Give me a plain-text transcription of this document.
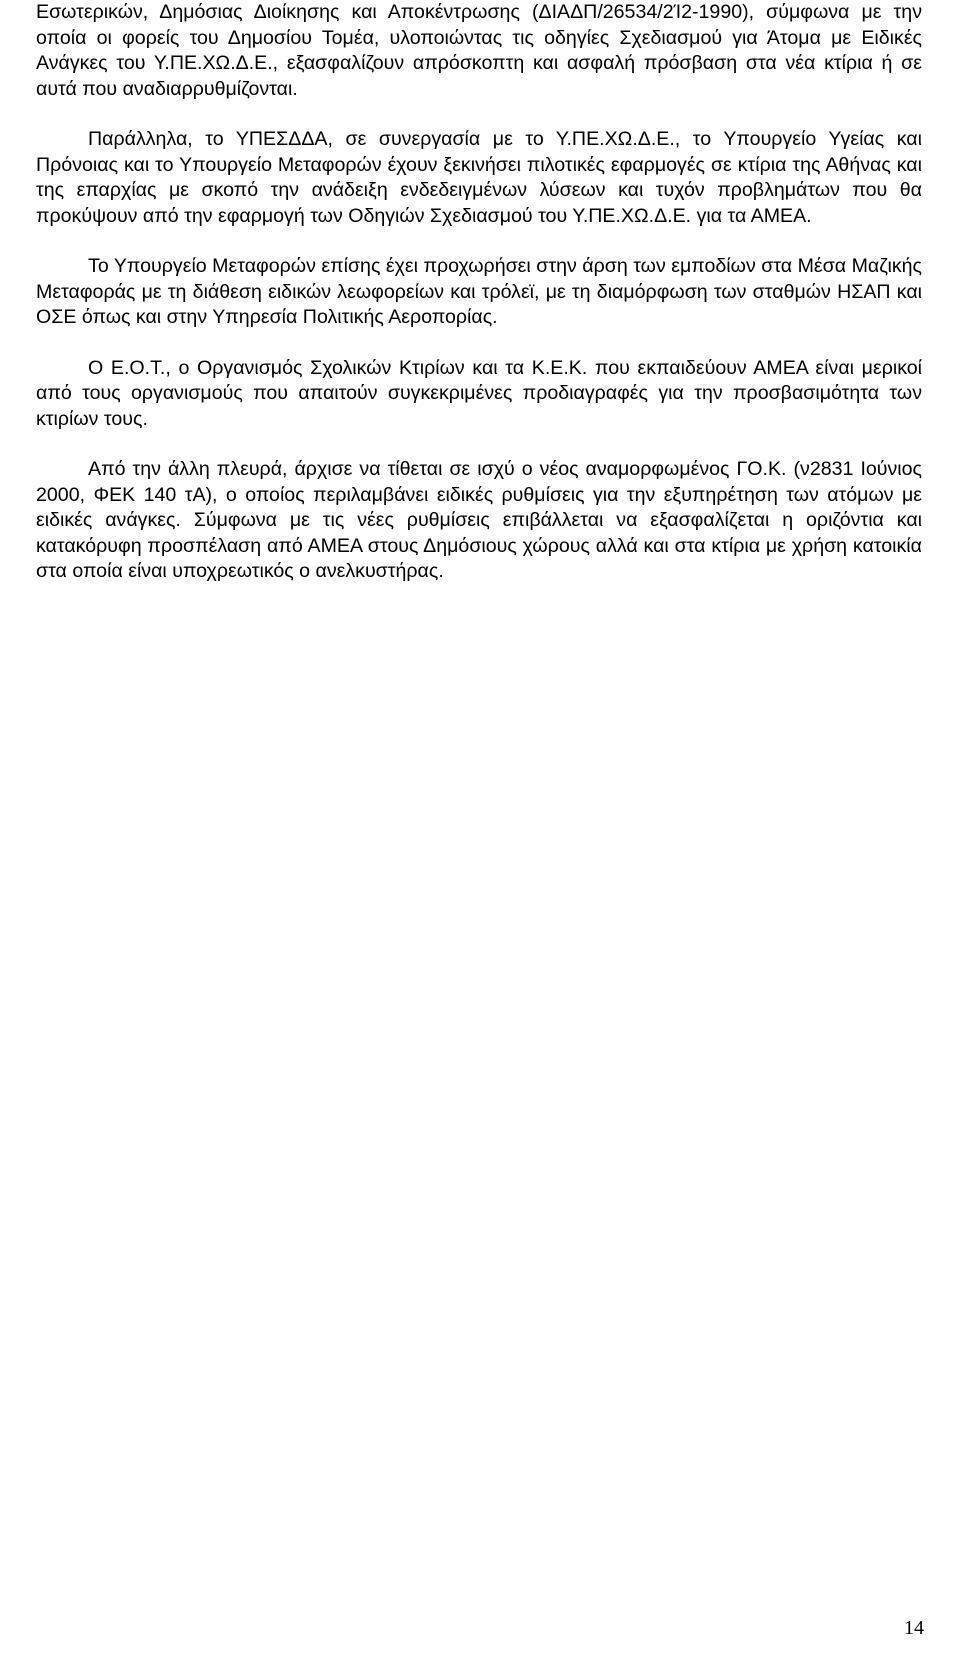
Εσωτερικών, Δημόσιας Διοίκησης και Αποκέντρωσης (ΔΙΑΔΠ/26534/2Ί2-1990), σύμφωνα με την οποία οι φορείς του Δημοσίου Τομέα, υλοποιώντας τις οδηγίες Σχεδιασμού για Άτομα με Ειδικές Ανάγκες του Υ.ΠΕ.ΧΩ.Δ.Ε., εξασφαλίζουν απρόσκοπτη και ασφαλή πρόσβαση στα νέα κτίρια ή σε αυτά που αναδιαρρυθμίζονται.

Παράλληλα, το ΥΠΕΣΔΔΑ, σε συνεργασία με το Υ.ΠΕ.ΧΩ.Δ.Ε., το Υπουργείο Υγείας και Πρόνοιας και το Υπουργείο Μεταφορών έχουν ξεκινήσει πιλοτικές εφαρμογές σε κτίρια της Αθήνας και της επαρχίας με σκοπό την ανάδειξη ενδεδειγμένων λύσεων και τυχόν προβλημάτων που θα προκύψουν από την εφαρμογή των Οδηγιών Σχεδιασμού του Υ.ΠΕ.ΧΩ.Δ.Ε. για τα ΑΜΕΑ.

Το Υπουργείο Μεταφορών επίσης έχει προχωρήσει στην άρση των εμποδίων στα Μέσα Μαζικής Μεταφοράς με τη διάθεση ειδικών λεωφορείων και τρόλεϊ, με τη διαμόρφωση των σταθμών ΗΣΑΠ και ΟΣΕ όπως και στην Υπηρεσία Πολιτικής Αεροπορίας.

Ο Ε.Ο.Τ., ο Οργανισμός Σχολικών Κτιρίων και τα Κ.Ε.Κ. που εκπαιδεύουν ΑΜΕΑ είναι μερικοί από τους οργανισμούς που απαιτούν συγκεκριμένες προδιαγραφές για την προσβασιμότητα των κτιρίων τους.

Από την άλλη πλευρά, άρχισε να τίθεται σε ισχύ ο νέος αναμορφωμένος ΓΟ.Κ. (ν2831 Ιούνιος 2000, ΦΕΚ 140 τΑ), ο οποίος περιλαμβάνει ειδικές ρυθμίσεις για την εξυπηρέτηση των ατόμων με ειδικές ανάγκες. Σύμφωνα με τις νέες ρυθμίσεις επιβάλλεται να εξασφαλίζεται η οριζόντια και κατακόρυφη προσπέλαση από ΑΜΕΑ στους Δημόσιους χώρους αλλά και στα κτίρια με χρήση κατοικία στα οποία είναι υποχρεωτικός ο ανελκυστήρας.

14
